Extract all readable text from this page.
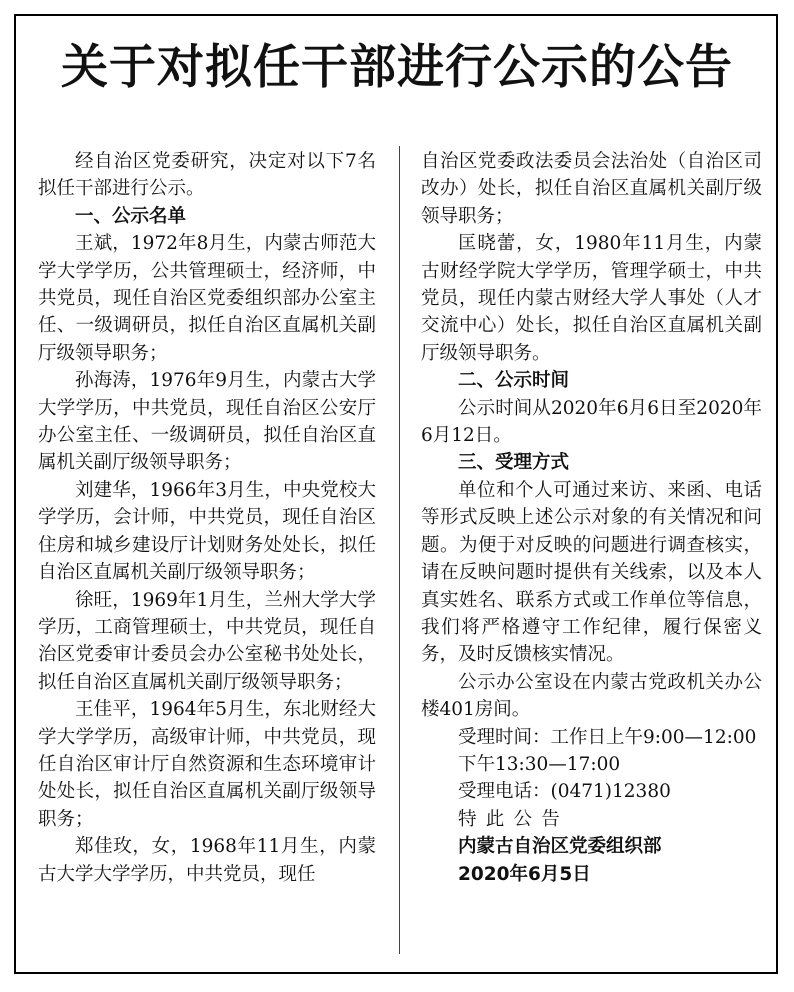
关于对拟任干部进行公示的公告

经自治区党委研究，决定对以下7名拟任干部进行公示。

一、公示名单

王斌，1972年8月生，内蒙古师范大学大学学历，公共管理硕士，经济师，中共党员，现任自治区党委组织部办公室主任、一级调研员，拟任自治区直属机关副厅级领导职务；

孙海涛，1976年9月生，内蒙古大学大学学历，中共党员，现任自治区公安厅办公室主任、一级调研员，拟任自治区直属机关副厅级领导职务；

刘建华，1966年3月生，中央党校大学学历，会计师，中共党员，现任自治区住房和城乡建设厅计划财务处处长，拟任自治区直属机关副厅级领导职务；

徐旺，1969年1月生，兰州大学大学学历，工商管理硕士，中共党员，现任自治区党委审计委员会办公室秘书处处长，拟任自治区直属机关副厅级领导职务；

王佳平，1964年5月生，东北财经大学大学学历，高级审计师，中共党员，现任自治区审计厅自然资源和生态环境审计处处长，拟任自治区直属机关副厅级领导职务；

郑佳玫，女，1968年11月生，内蒙古大学大学学历，中共党员，现任

自治区党委政法委员会法治处（自治区司改办）处长，拟任自治区直属机关副厅级领导职务；

匡晓蕾，女，1980年11月生，内蒙古财经学院大学学历，管理学硕士，中共党员，现任内蒙古财经大学人事处（人才交流中心）处长，拟任自治区直属机关副厅级领导职务。

二、公示时间

公示时间从2020年6月6日至2020年6月12日。

三、受理方式

单位和个人可通过来访、来函、电话等形式反映上述公示对象的有关情况和问题。为便于对反映的问题进行调查核实，请在反映问题时提供有关线索，以及本人真实姓名、联系方式或工作单位等信息，我们将严格遵守工作纪律，履行保密义务，及时反馈核实情况。

公示办公室设在内蒙古党政机关办公楼401房间。

受理时间：工作日上午9:00—12:00

下午13:30—17:00

受理电话：(0471)12380

特此公告

内蒙古自治区党委组织部

2020年6月5日
